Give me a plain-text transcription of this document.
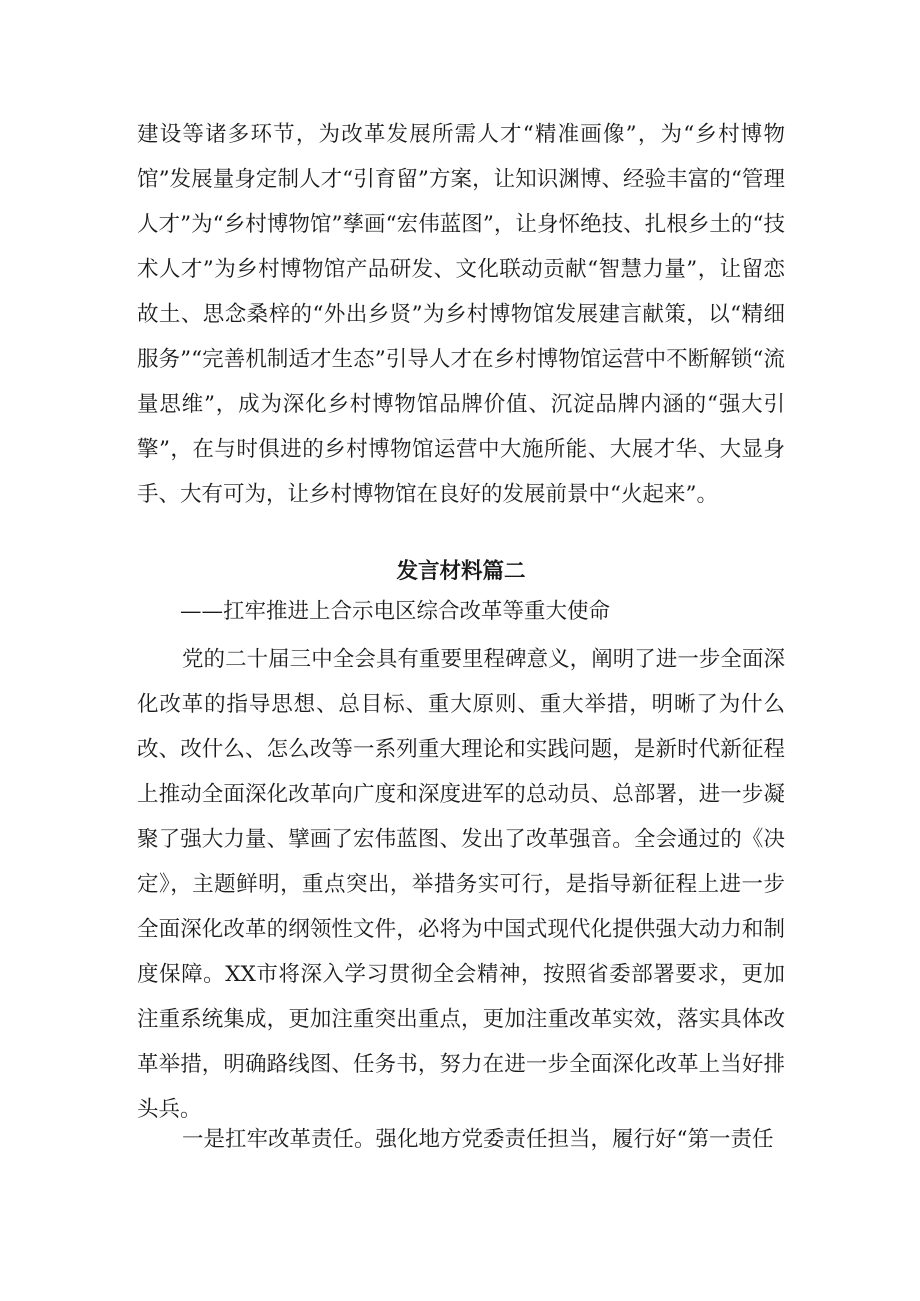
建设等诸多环节，为改革发展所需人才“精准画像”，为“乡村博物馆”发展量身定制人才“引育留”方案，让知识渊博、经验丰富的“管理人才”为“乡村博物馆”孳画“宏伟蓝图”，让身怀绝技、扎根乡土的“技术人才”为乡村博物馆产品研发、文化联动贡献“智慧力量”，让留恋故土、思念桑梓的“外出乡贤”为乡村博物馆发展建言献策，以“精细服务”“完善机制适才生态”引导人才在乡村博物馆运营中不断解锁“流量思维”，成为深化乡村博物馆品牌价值、沉淀品牌内涵的“强大引擎”，在与时俱进的乡村博物馆运营中大施所能、大展才华、大显身手、大有可为，让乡村博物馆在良好的发展前景中“火起来”。

发言材料篇二

——扛牢推进上合示电区综合改革等重大使命

党的二十届三中全会具有重要里程碑意义，阐明了进一步全面深化改革的指导思想、总目标、重大原则、重大举措，明晰了为什么改、改什么、怎么改等一系列重大理论和实践问题，是新时代新征程上推动全面深化改革向广度和深度进军的总动员、总部署，进一步凝聚了强大力量、擘画了宏伟蓝图、发出了改革强音。全会通过的《决定》，主题鲜明，重点突出，举措务实可行，是指导新征程上进一步全面深化改革的纲领性文件，必将为中国式现代化提供强大动力和制度保障。XX市将深入学习贯彻全会精神，按照省委部署要求，更加注重系统集成，更加注重突出重点，更加注重改革实效，落实具体改革举措，明确路线图、任务书，努力在进一步全面深化改革上当好排头兵。

一是扛牢改革责任。强化地方党委责任担当，履行好“第一责任
